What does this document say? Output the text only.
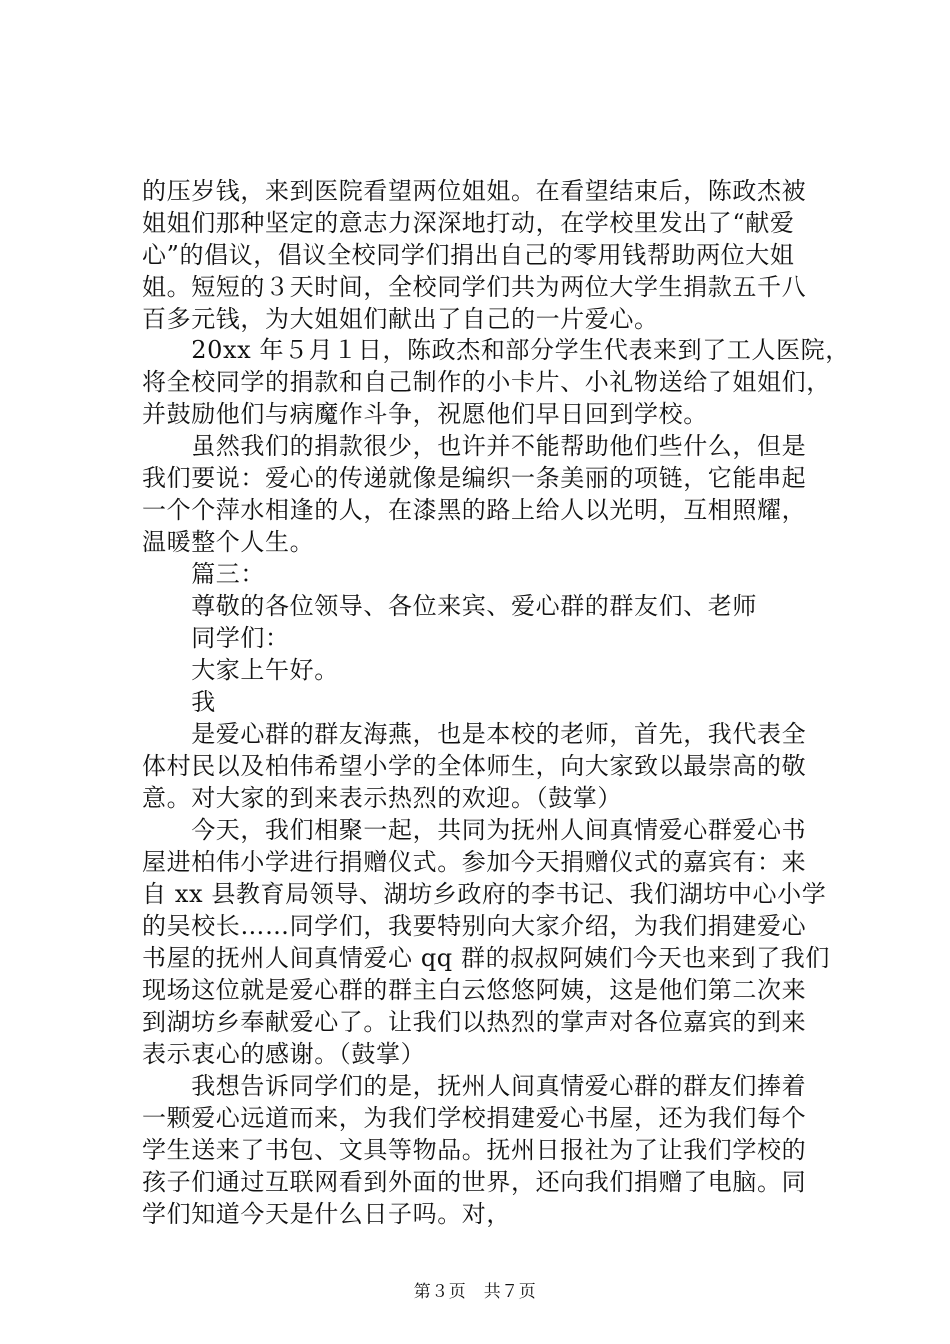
的压岁钱，来到医院看望两位姐姐。在看望结束后，陈政杰被
姐姐们那种坚定的意志力深深地打动，在学校里发出了“献爱
心”的倡议，倡议全校同学们捐出自己的零用钱帮助两位大姐
姐。短短的３天时间，全校同学们共为两位大学生捐款五千八
百多元钱，为大姐姐们献出了自己的一片爱心。
　　20xx 年５月１日，陈政杰和部分学生代表来到了工人医院，
将全校同学的捐款和自己制作的小卡片、小礼物送给了姐姐们，
并鼓励他们与病魔作斗争，祝愿他们早日回到学校。
　　虽然我们的捐款很少，也许并不能帮助他们些什么，但是
我们要说：爱心的传递就像是编织一条美丽的项链，它能串起
一个个萍水相逢的人，在漆黑的路上给人以光明，互相照耀，
温暖整个人生。
　　篇三：
　　尊敬的各位领导、各位来宾、爱心群的群友们、老师
　　同学们：
　　大家上午好。
　　我
　　是爱心群的群友海燕，也是本校的老师，首先，我代表全
体村民以及柏伟希望小学的全体师生，向大家致以最崇高的敬
意。对大家的到来表示热烈的欢迎。（鼓掌）
　　今天，我们相聚一起，共同为抚州人间真情爱心群爱心书
屋进柏伟小学进行捐赠仪式。参加今天捐赠仪式的嘉宾有：来
自 xx 县教育局领导、湖坊乡政府的李书记、我们湖坊中心小学
的吴校长……同学们，我要特别向大家介绍，为我们捐建爱心
书屋的抚州人间真情爱心 qq 群的叔叔阿姨们今天也来到了我们
现场这位就是爱心群的群主白云悠悠阿姨，这是他们第二次来
到湖坊乡奉献爱心了。让我们以热烈的掌声对各位嘉宾的到来
表示衷心的感谢。（鼓掌）
　　我想告诉同学们的是，抚州人间真情爱心群的群友们捧着
一颗爱心远道而来，为我们学校捐建爱心书屋，还为我们每个
学生送来了书包、文具等物品。抚州日报社为了让我们学校的
孩子们通过互联网看到外面的世界，还向我们捐赠了电脑。同
学们知道今天是什么日子吗。对，
第３页　共７页
